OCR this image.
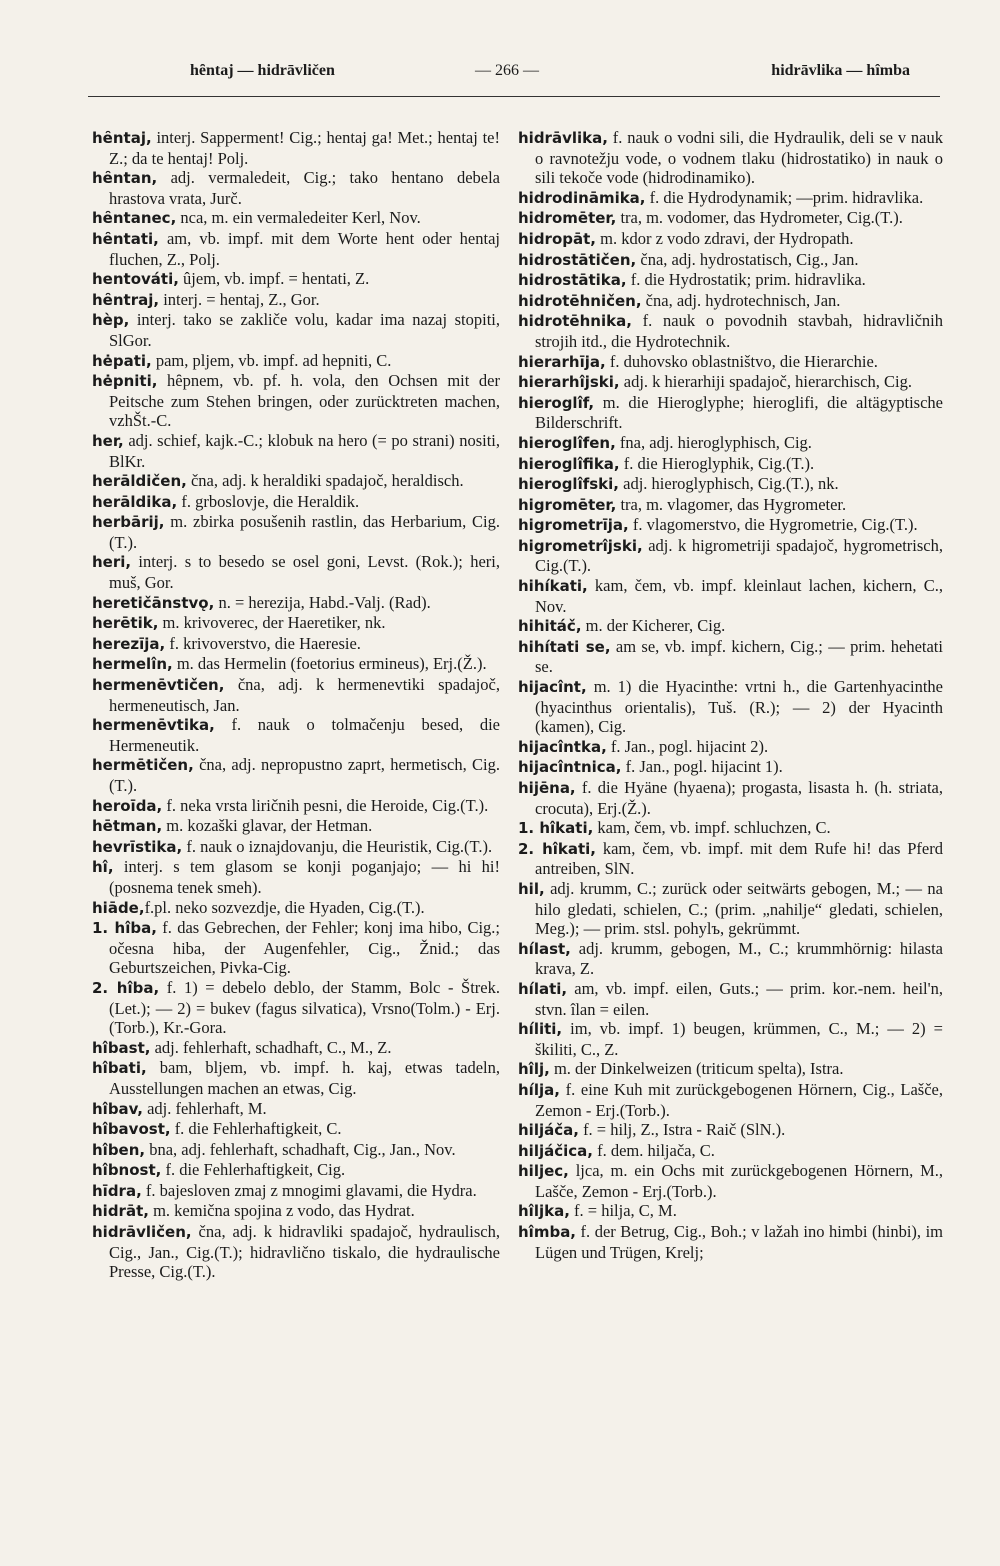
hȇntaj — hidrāvličen	— 266 —	hidrāvlika — hîmba
hȇntaj, interj. Sapperment! Cig.; hentaj ga! Met.; hentaj te! Z.; da te hentaj! Polj.
hȇntan, adj. vermaledeit, Cig.; tako hentano debela hrastova vrata, Jurč.
hȇntanec, nca, m. ein vermaledeiter Kerl, Nov.
hȇntati, am, vb. impf. mit dem Worte hent oder hentaj fluchen, Z., Polj.
hentováti, ûjem, vb. impf. = hentati, Z.
hȇntraj, interj. = hentaj, Z., Gor.
hèp, interj. tako se zakliče volu, kadar ima nazaj stopiti, SlGor.
hėpati, pam, pljem, vb. impf. ad hepniti, C.
hėpniti, hȇpnem, vb. pf. h. vola, den Ochsen mit der Peitsche zum Stehen bringen, oder zurücktreten machen, vzhŠt.-C.
her, adj. schief, kajk.-C.; klobuk na hero (= po strani) nositi, BlKr.
herāldičen, čna, adj. k heraldiki spadajoč, heraldisch.
herāldika, f. grboslovje, die Heraldik.
herbārij, m. zbirka posušenih rastlin, das Herbarium, Cig.(T.).
heri, interj. s to besedo se osel goni, Levst. (Rok.); heri, muš, Gor.
heretičānstvǫ, n. = herezija, Habd.-Valj. (Rad).
herētik, m. krivoverec, der Haeretiker, nk.
herezīja, f. krivoverstvo, die Haeresie.
hermelîn, m. das Hermelin (foetorius ermineus), Erj.(Ž.).
hermenēvtičen, čna, adj. k hermenevtiki spadajoč, hermeneutisch, Jan.
hermenēvtika, f. nauk o tolmačenju besed, die Hermeneutik.
hermētičen, čna, adj. nepropustno zaprt, hermetisch, Cig.(T.).
heroīda, f. neka vrsta liričnih pesni, die Heroide, Cig.(T.).
hētman, m. kozaški glavar, der Hetman.
hevrīstika, f. nauk o iznajdovanju, die Heuristik, Cig.(T.).
hî, interj. s tem glasom se konji poganjajo; — hi hi! (posnema tenek smeh).
hiāde,f.pl. neko sozvezdje, die Hyaden, Cig.(T.).
1. hîba, f. das Gebrechen, der Fehler; konj ima hibo, Cig.; očesna hiba, der Augenfehler, Cig., Žnid.; das Geburtszeichen, Pivka-Cig.
2. hîba, f. 1) = debelo deblo, der Stamm, Bolc - Štrek.(Let.); — 2) = bukev (fagus silvatica), Vrsno(Tolm.) - Erj.(Torb.), Kr.-Gora.
hîbast, adj. fehlerhaft, schadhaft, C., M., Z.
hîbati, bam, bljem, vb. impf. h. kaj, etwas tadeln, Ausstellungen machen an etwas, Cig.
hîbav, adj. fehlerhaft, M.
hîbavost, f. die Fehlerhaftigkeit, C.
hîben, bna, adj. fehlerhaft, schadhaft, Cig., Jan., Nov.
hîbnost, f. die Fehlerhaftigkeit, Cig.
hīdra, f. bajesloven zmaj z mnogimi glavami, die Hydra.
hidrāt, m. kemična spojina z vodo, das Hydrat.
hidrāvličen, čna, adj. k hidravliki spadajoč, hydraulisch, Cig., Jan., Cig.(T.); hidravlično tiskalo, die hydraulische Presse, Cig.(T.).
hidrāvlika, f. nauk o vodni sili, die Hydraulik, deli se v nauk o ravnotežju vode, o vodnem tlaku (hidrostatiko) in nauk o sili tekoče vode (hidrodinamiko).
hidrodināmika, f. die Hydrodynamik; —prim. hidravlika.
hidromēter, tra, m. vodomer, das Hydrometer, Cig.(T.).
hidropāt, m. kdor z vodo zdravi, der Hydropath.
hidrostātičen, čna, adj. hydrostatisch, Cig., Jan.
hidrostātika, f. die Hydrostatik; prim. hidravlika.
hidrotēhničen, čna, adj. hydrotechnisch, Jan.
hidrotēhnika, f. nauk o povodnih stavbah, hidravličnih strojih itd., die Hydrotechnik.
hierarhīja, f. duhovsko oblastništvo, die Hierarchie.
hierarhîjski, adj. k hierarhiji spadajoč, hierarchisch, Cig.
hieroglîf, m. die Hieroglyphe; hieroglifi, die altägyptische Bilderschrift.
hieroglîfen, fna, adj. hieroglyphisch, Cig.
hieroglîfika, f. die Hieroglyphik, Cig.(T.).
hieroglîfski, adj. hieroglyphisch, Cig.(T.), nk.
higromēter, tra, m. vlagomer, das Hygrometer.
higrometrīja, f. vlagomerstvo, die Hygrometrie, Cig.(T.).
higrometrîjski, adj. k higrometriji spadajoč, hygrometrisch, Cig.(T.).
hihíkati, kam, čem, vb. impf. kleinlaut lachen, kichern, C., Nov.
hihitáč, m. der Kicherer, Cig.
hihítati se, am se, vb. impf. kichern, Cig.; — prim. hehetati se.
hijacînt, m. 1) die Hyacinthe: vrtni h., die Gartenhyacinthe (hyacinthus orientalis), Tuš. (R.); — 2) der Hyacinth (kamen), Cig.
hijacîntka, f. Jan., pogl. hijacint 2).
hijacîntnica, f. Jan., pogl. hijacint 1).
hijēna, f. die Hyäne (hyaena); progasta, lisasta h. (h. striata, crocuta), Erj.(Ž.).
1. hîkati, kam, čem, vb. impf. schluchzen, C.
2. hîkati, kam, čem, vb. impf. mit dem Rufe hi! das Pferd antreiben, SlN.
hil, adj. krumm, C.; zurück oder seitwärts gebogen, M.; — na hilo gledati, schielen, C.; (prim. „nahilje“ gledati, schielen, Meg.); — prim. stsl. pohylъ, gekrümmt.
hílast, adj. krumm, gebogen, M., C.; krummhörnig: hilasta krava, Z.
hílati, am, vb. impf. eilen, Guts.; — prim. kor.-nem. heil'n, stvn. îlan = eilen.
híliti, im, vb. impf. 1) beugen, krümmen, C., M.; — 2) = škiliti, C., Z.
hîlj, m. der Dinkelweizen (triticum spelta), Istra.
hílja, f. eine Kuh mit zurückgebogenen Hörnern, Cig., Lašče, Zemon - Erj.(Torb.).
hiljáča, f. = hilj, Z., Istra - Raič (SlN.).
hiljáčica, f. dem. hiljača, C.
hiljec, ljca, m. ein Ochs mit zurückgebogenen Hörnern, M., Lašče, Zemon - Erj.(Torb.).
hîljka, f. = hilja, C, M.
hîmba, f. der Betrug, Cig., Boh.; v lažah ino himbi (hinbi), im Lügen und Trügen, Krelj;
